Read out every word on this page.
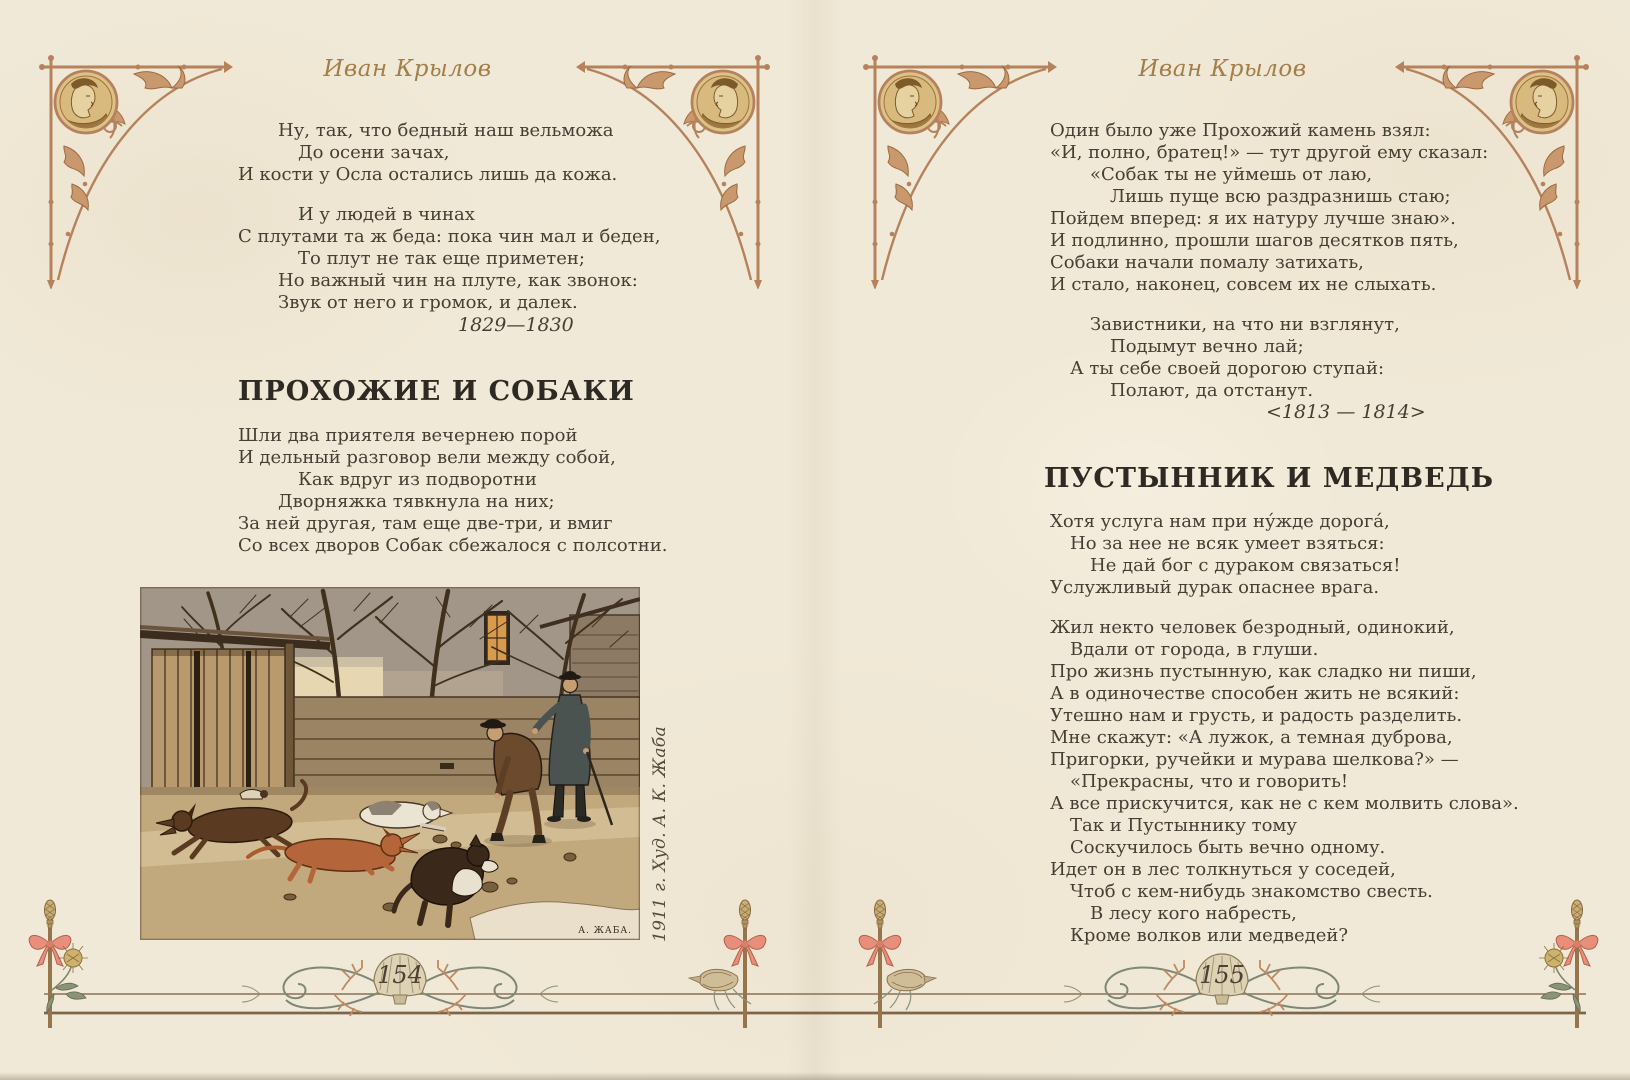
Иван Крылов	Иван Крылов
Ну, так, что бедный наш вельможа
До осени зачах,
И кости у Осла остались лишь да кожа.
И у людей в чинах
С плутами та ж беда: пока чин мал и беден,
То плут не так еще приметен;
Но важный чин на плуте, как звонок:
Звук от него и громок, и далек.
1829—1830
ПРОХОЖИЕ И СОБАКИ
Шли два приятеля вечернею порой
И дельный разговор вели между собой,
Как вдруг из подворотни
Дворняжка тявкнула на них;
За ней другая, там еще две-три, и вмиг
Со всех дворов Собак сбежалося с полсотни.
Один было уже Прохожий камень взял:
«И, полно, братец!» — тут другой ему сказал:
«Собак ты не уймешь от лаю,
Лишь пуще всю раздразнишь стаю;
Пойдем вперед: я их натуру лучше знаю».
И подлинно, прошли шагов десятков пять,
Собаки начали помалу затихать,
И стало, наконец, совсем их не слыхать.
Завистники, на что ни взглянут,
Подымут вечно лай;
А ты себе своей дорогою ступай:
Полают, да отстанут.
<1813 — 1814>
ПУСТЫННИК И МЕДВЕДЬ
Хотя услуга нам при ну́жде дорога́,
Но за нее не всяк умеет взяться:
Не дай бог с дураком связаться!
Услужливый дурак опаснее врага.
Жил некто человек безродный, одинокий,
Вдали от города, в глуши.
Про жизнь пустынную, как сладко ни пиши,
А в одиночестве способен жить не всякий:
Утешно нам и грусть, и радость разделить.
Мне скажут: «А лужок, а темная дуброва,
Пригорки, ручейки и мурава шелкова?» —
«Прекрасны, что и говорить!
А все прискучится, как не с кем молвить слова».
Так и Пустыннику тому
Соскучилось быть вечно одному.
Идет он в лес толкнуться у соседей,
Чтоб с кем-нибудь знакомство свесть.
В лесу кого набресть,
Кроме волков или медведей?
А. ЖАБА. 1911 г. Худ. А. К. Жаба
154	155
